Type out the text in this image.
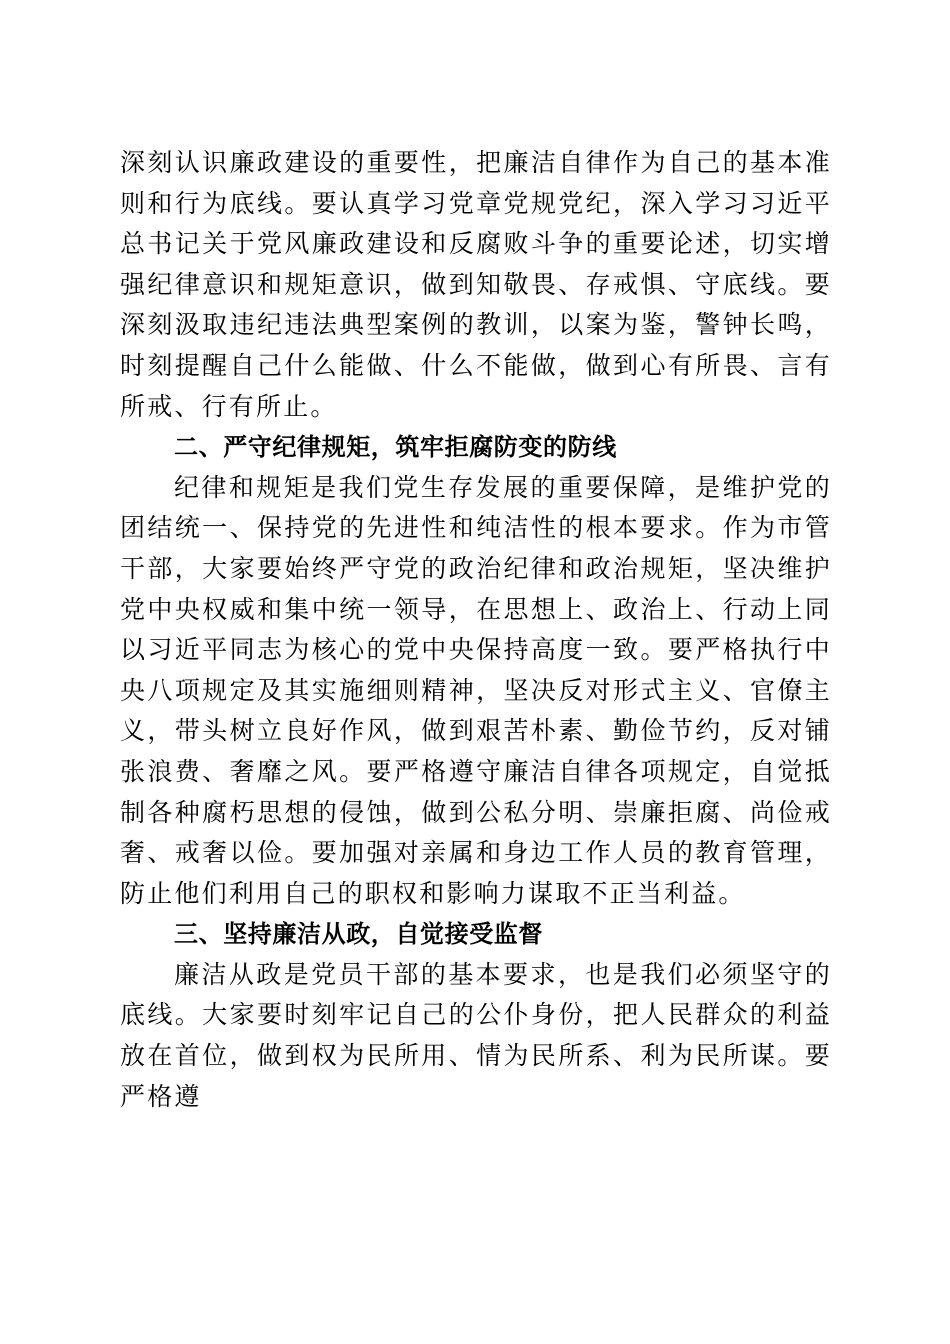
深刻认识廉政建设的重要性，把廉洁自律作为自己的基本准则和行为底线。要认真学习党章党规党纪，深入学习习近平总书记关于党风廉政建设和反腐败斗争的重要论述，切实增强纪律意识和规矩意识，做到知敬畏、存戒惧、守底线。要深刻汲取违纪违法典型案例的教训，以案为鉴，警钟长鸣，时刻提醒自己什么能做、什么不能做，做到心有所畏、言有所戒、行有所止。

二、严守纪律规矩，筑牢拒腐防变的防线

纪律和规矩是我们党生存发展的重要保障，是维护党的团结统一、保持党的先进性和纯洁性的根本要求。作为市管干部，大家要始终严守党的政治纪律和政治规矩，坚决维护党中央权威和集中统一领导，在思想上、政治上、行动上同以习近平同志为核心的党中央保持高度一致。要严格执行中央八项规定及其实施细则精神，坚决反对形式主义、官僚主义，带头树立良好作风，做到艰苦朴素、勤俭节约，反对铺张浪费、奢靡之风。要严格遵守廉洁自律各项规定，自觉抵制各种腐朽思想的侵蚀，做到公私分明、崇廉拒腐、尚俭戒奢、戒奢以俭。要加强对亲属和身边工作人员的教育管理，防止他们利用自己的职权和影响力谋取不正当利益。

三、坚持廉洁从政，自觉接受监督

廉洁从政是党员干部的基本要求，也是我们必须坚守的底线。大家要时刻牢记自己的公仆身份，把人民群众的利益放在首位，做到权为民所用、情为民所系、利为民所谋。要严格遵
